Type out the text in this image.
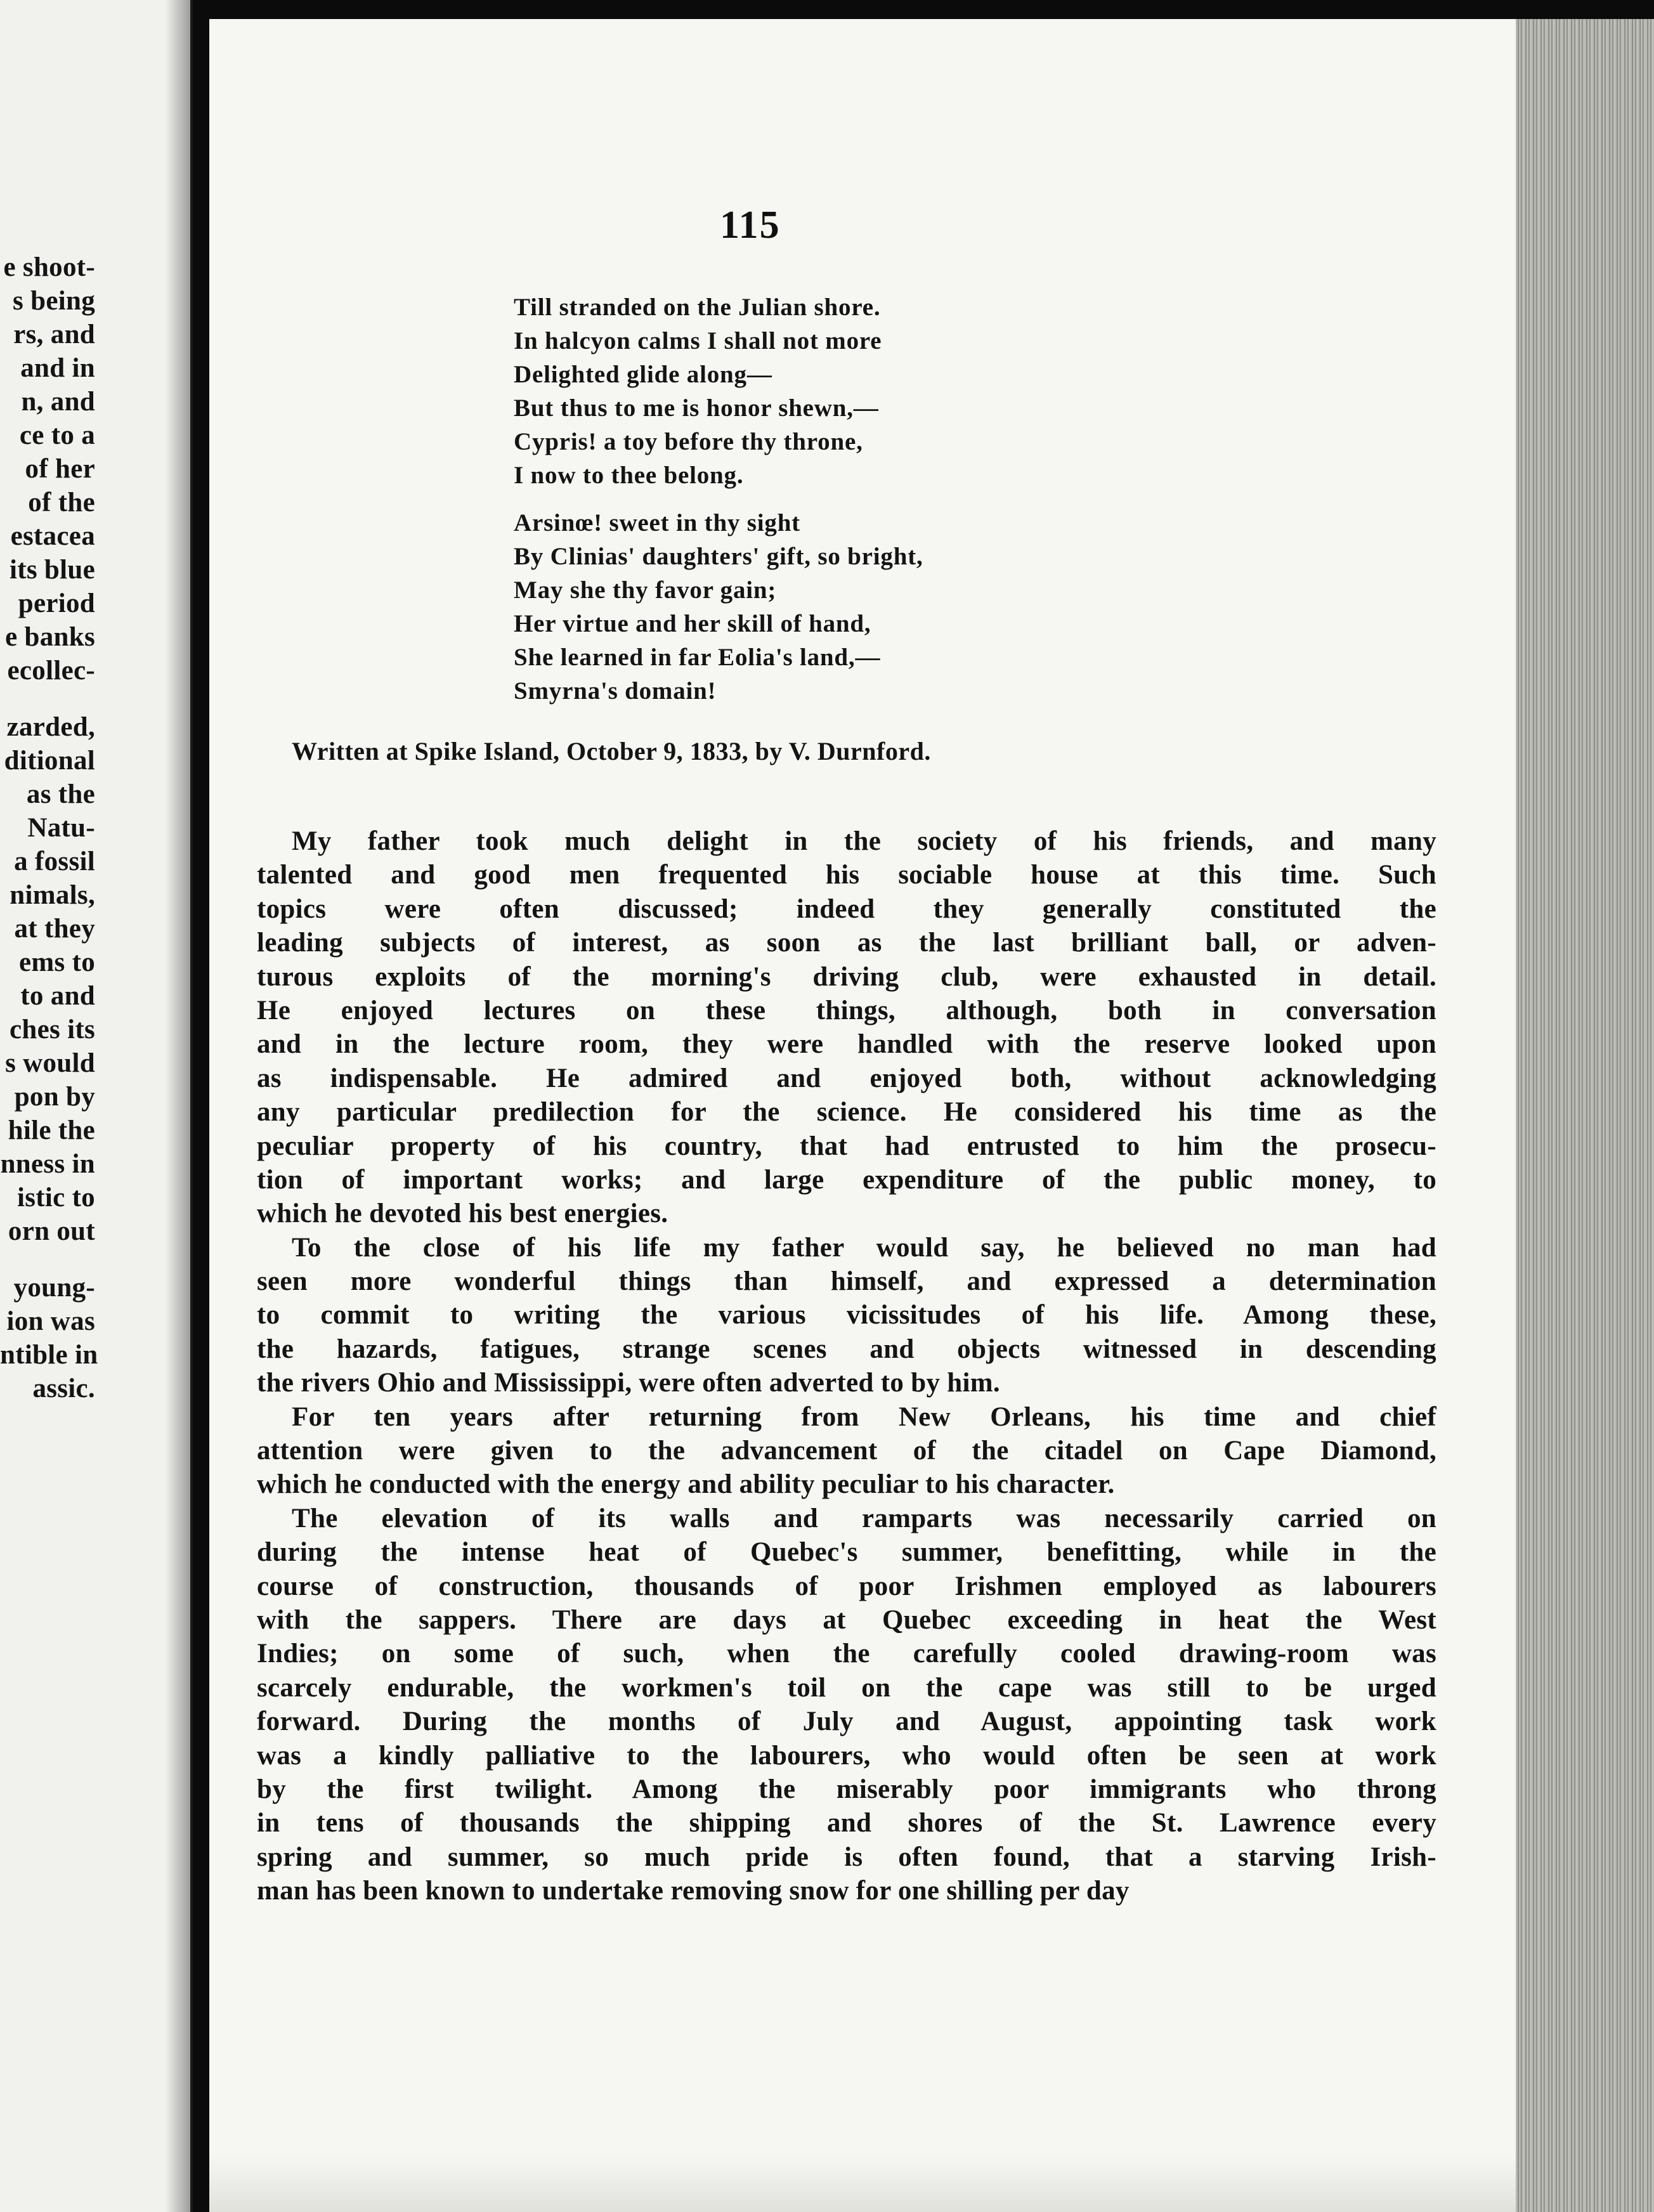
e shoot-
s being
rs, and
and in
n, and
ce to a
of her
of the
estacea
its blue
period
e banks
ecollec-
zarded,
ditional
as the
Natu-
a fossil
nimals,
at they
ems to
to and
ches its
s would
pon by
hile the
nness in
istic to
orn out
young-
ion was
ntible in
assic.
115
Till stranded on the Julian shore.
In halcyon calms I shall not more
Delighted glide along—
But thus to me is honor shewn,—
Cypris! a toy before thy throne,
I now to thee belong.
Arsinœ! sweet in thy sight
By Clinias' daughters' gift, so bright,
May she thy favor gain;
Her virtue and her skill of hand,
She learned in far Eolia's land,—
Smyrna's domain!
Written at Spike Island, October 9, 1833, by V. Durnford.
My father took much delight in the society of his friends, and many
talented and good men frequented his sociable house at this time. Such
topics were often discussed; indeed they generally constituted the
leading subjects of interest, as soon as the last brilliant ball, or adven-
turous exploits of the morning's driving club, were exhausted in detail.
He enjoyed lectures on these things, although, both in conversation
and in the lecture room, they were handled with the reserve looked upon
as indispensable. He admired and enjoyed both, without acknowledging
any particular predilection for the science. He considered his time as the
peculiar property of his country, that had entrusted to him the prosecu-
tion of important works; and large expenditure of the public money, to
which he devoted his best energies.
To the close of his life my father would say, he believed no man had
seen more wonderful things than himself, and expressed a determination
to commit to writing the various vicissitudes of his life. Among these,
the hazards, fatigues, strange scenes and objects witnessed in descending
the rivers Ohio and Mississippi, were often adverted to by him.
For ten years after returning from New Orleans, his time and chief
attention were given to the advancement of the citadel on Cape Diamond,
which he conducted with the energy and ability peculiar to his character.
The elevation of its walls and ramparts was necessarily carried on
during the intense heat of Quebec's summer, benefitting, while in the
course of construction, thousands of poor Irishmen employed as labourers
with the sappers. There are days at Quebec exceeding in heat the West
Indies; on some of such, when the carefully cooled drawing-room was
scarcely endurable, the workmen's toil on the cape was still to be urged
forward. During the months of July and August, appointing task work
was a kindly palliative to the labourers, who would often be seen at work
by the first twilight. Among the miserably poor immigrants who throng
in tens of thousands the shipping and shores of the St. Lawrence every
spring and summer, so much pride is often found, that a starving Irish-
man has been known to undertake removing snow for one shilling per day
